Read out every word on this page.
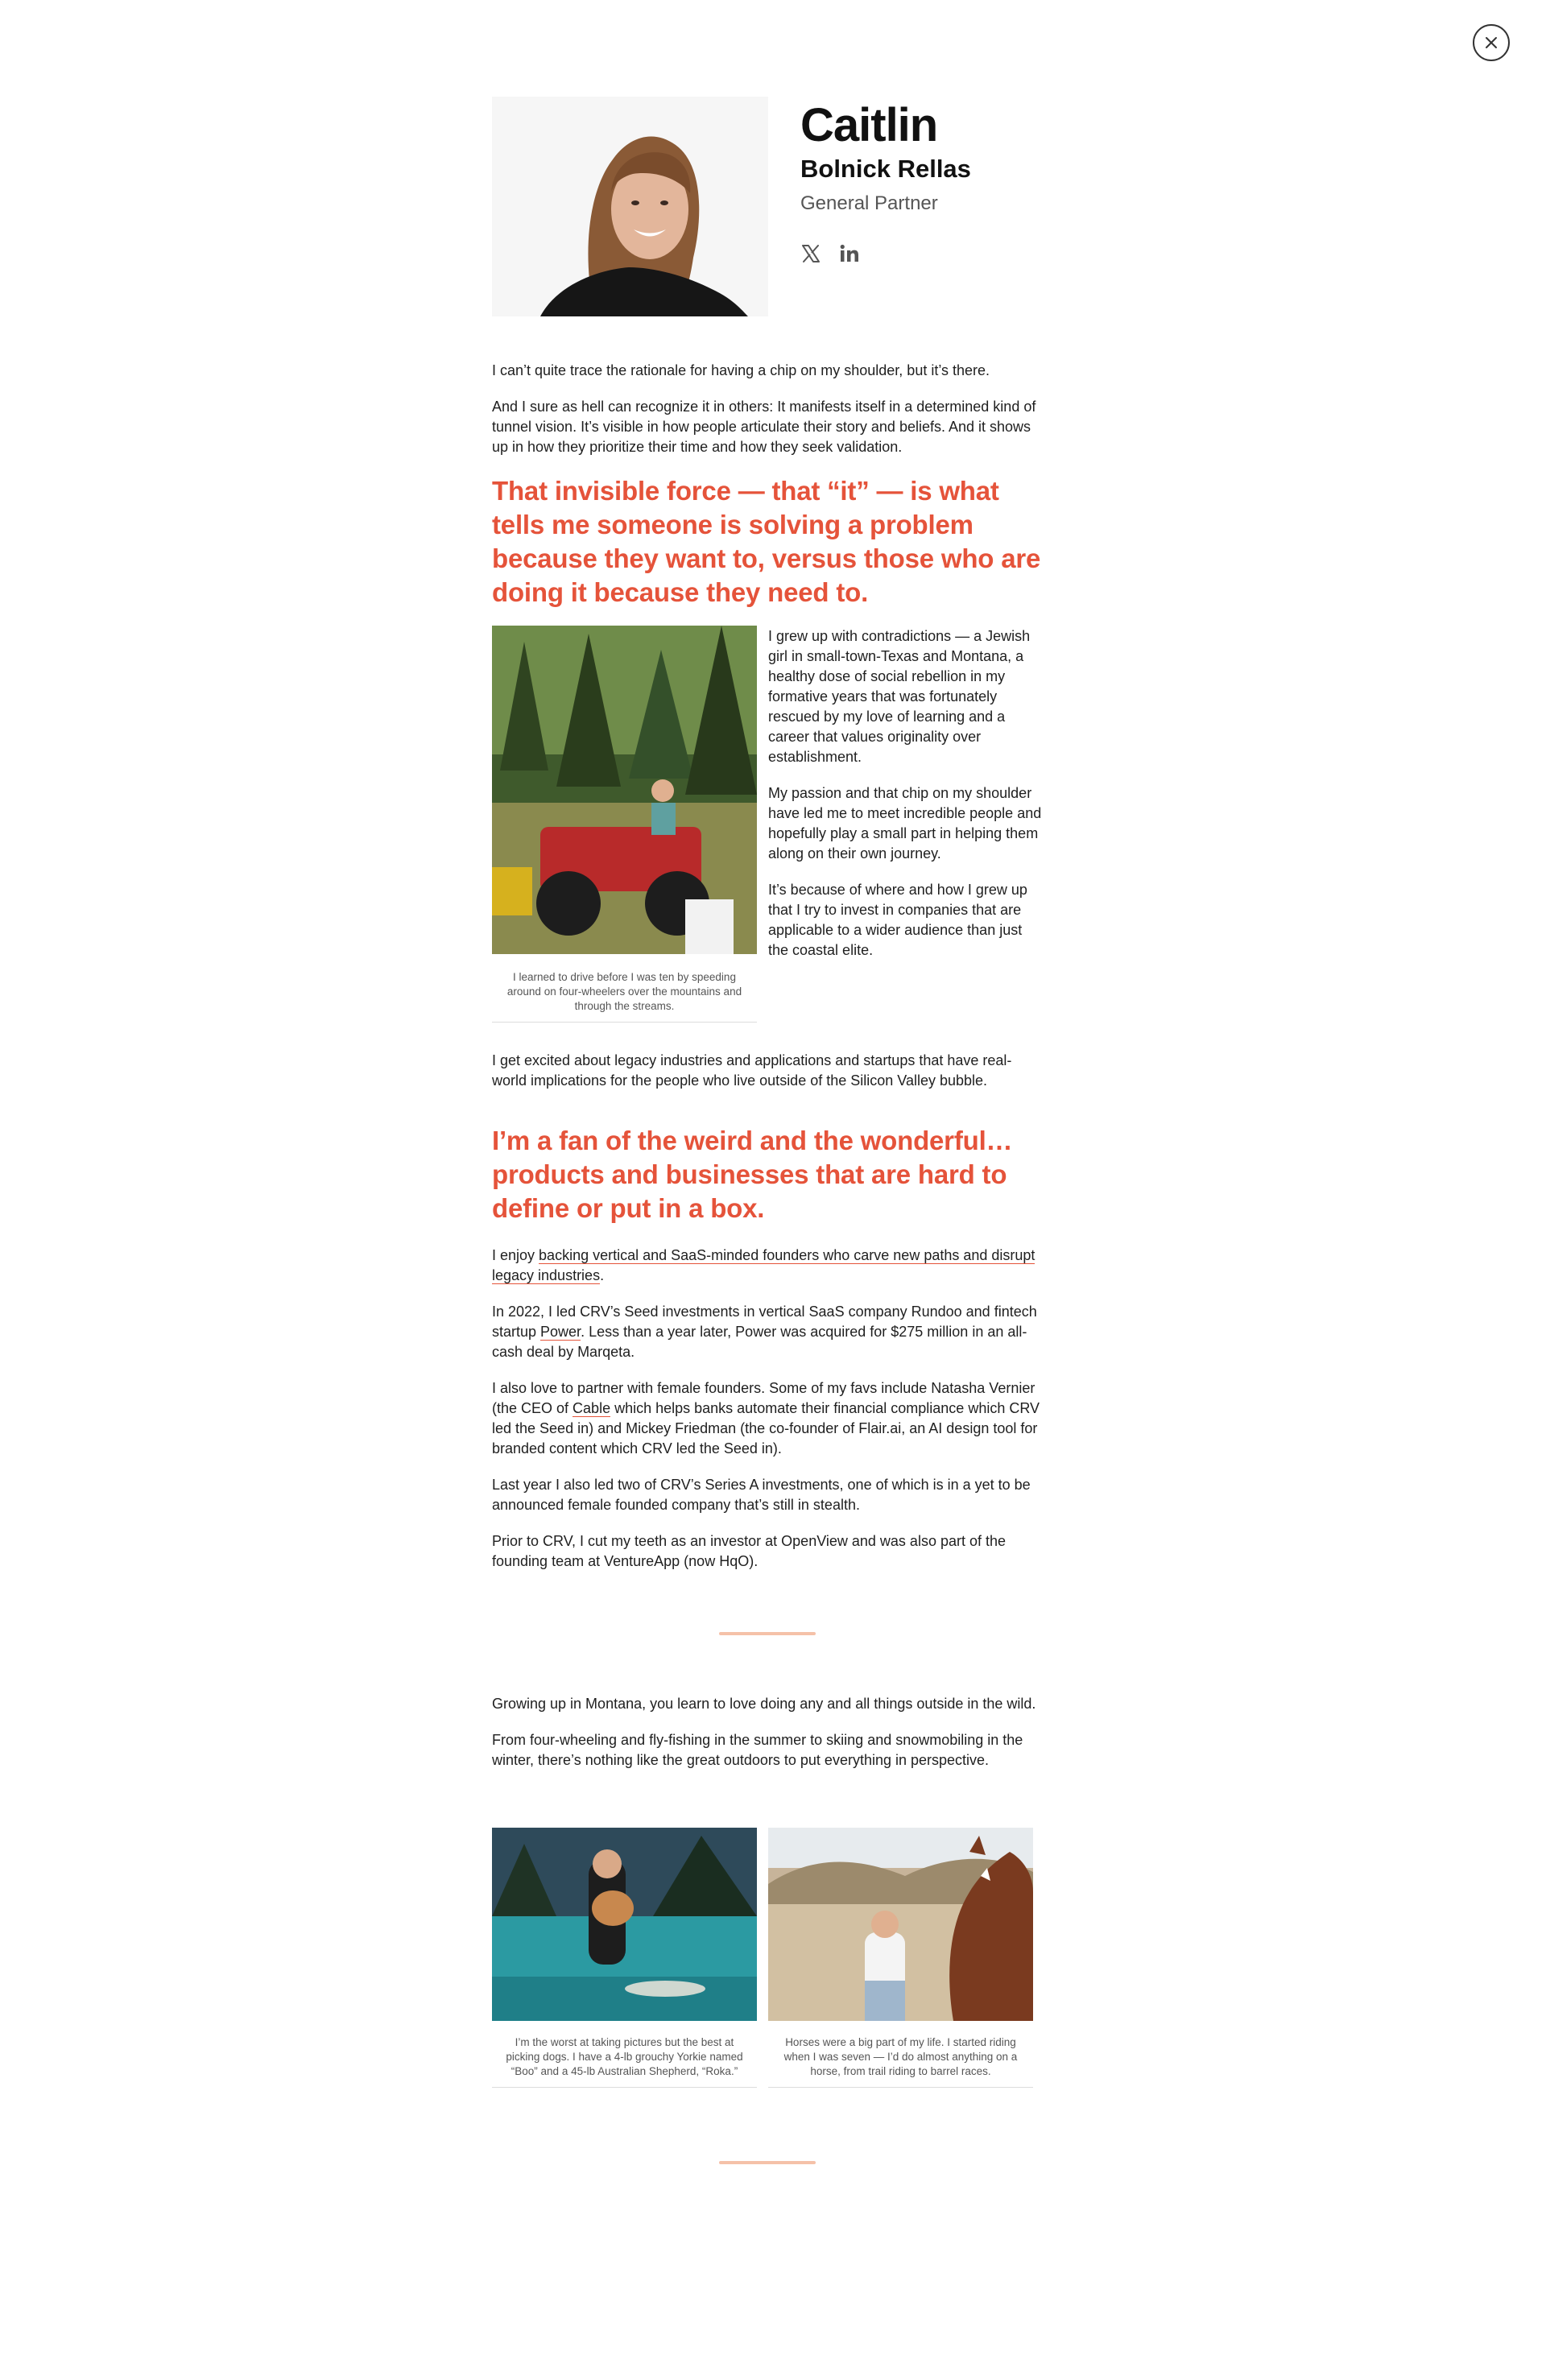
Caitlin
Bolnick Rellas
General Partner

I can’t quite trace the rationale for having a chip on my shoulder, but it’s there.

And I sure as hell can recognize it in others: It manifests itself in a determined kind of tunnel vision. It’s visible in how people articulate their story and beliefs. And it shows up in how they prioritize their time and how they seek validation.

That invisible force — that “it” — is what tells me someone is solving a problem because they want to, versus those who are doing it because they need to.

I learned to drive before I was ten by speeding around on four-wheelers over the mountains and through the streams.

I grew up with contradictions — a Jewish girl in small-town-Texas and Montana, a healthy dose of social rebellion in my formative years that was fortunately rescued by my love of learning and a career that values originality over establishment.

My passion and that chip on my shoulder have led me to meet incredible people and hopefully play a small part in helping them along on their own journey.

It’s because of where and how I grew up that I try to invest in companies that are applicable to a wider audience than just the coastal elite.

I get excited about legacy industries and applications and startups that have real-world implications for the people who live outside of the Silicon Valley bubble.

I’m a fan of the weird and the wonderful… products and businesses that are hard to define or put in a box.

I enjoy backing vertical and SaaS-minded founders who carve new paths and disrupt legacy industries.

In 2022, I led CRV’s Seed investments in vertical SaaS company Rundoo and fintech startup Power. Less than a year later, Power was acquired for $275 million in an all-cash deal by Marqeta.

I also love to partner with female founders. Some of my favs include Natasha Vernier (the CEO of Cable which helps banks automate their financial compliance which CRV led the Seed in) and Mickey Friedman (the co-founder of Flair.ai, an AI design tool for branded content which CRV led the Seed in).

Last year I also led two of CRV’s Series A investments, one of which is in a yet to be announced female founded company that’s still in stealth.

Prior to CRV, I cut my teeth as an investor at OpenView and was also part of the founding team at VentureApp (now HqO).

Growing up in Montana, you learn to love doing any and all things outside in the wild.

From four-wheeling and fly-fishing in the summer to skiing and snowmobiling in the winter, there’s nothing like the great outdoors to put everything in perspective.

I’m the worst at taking pictures but the best at picking dogs. I have a 4-lb grouchy Yorkie named “Boo” and a 45-lb Australian Shepherd, “Roka.”

Horses were a big part of my life. I started riding when I was seven — I’d do almost anything on a horse, from trail riding to barrel races.
